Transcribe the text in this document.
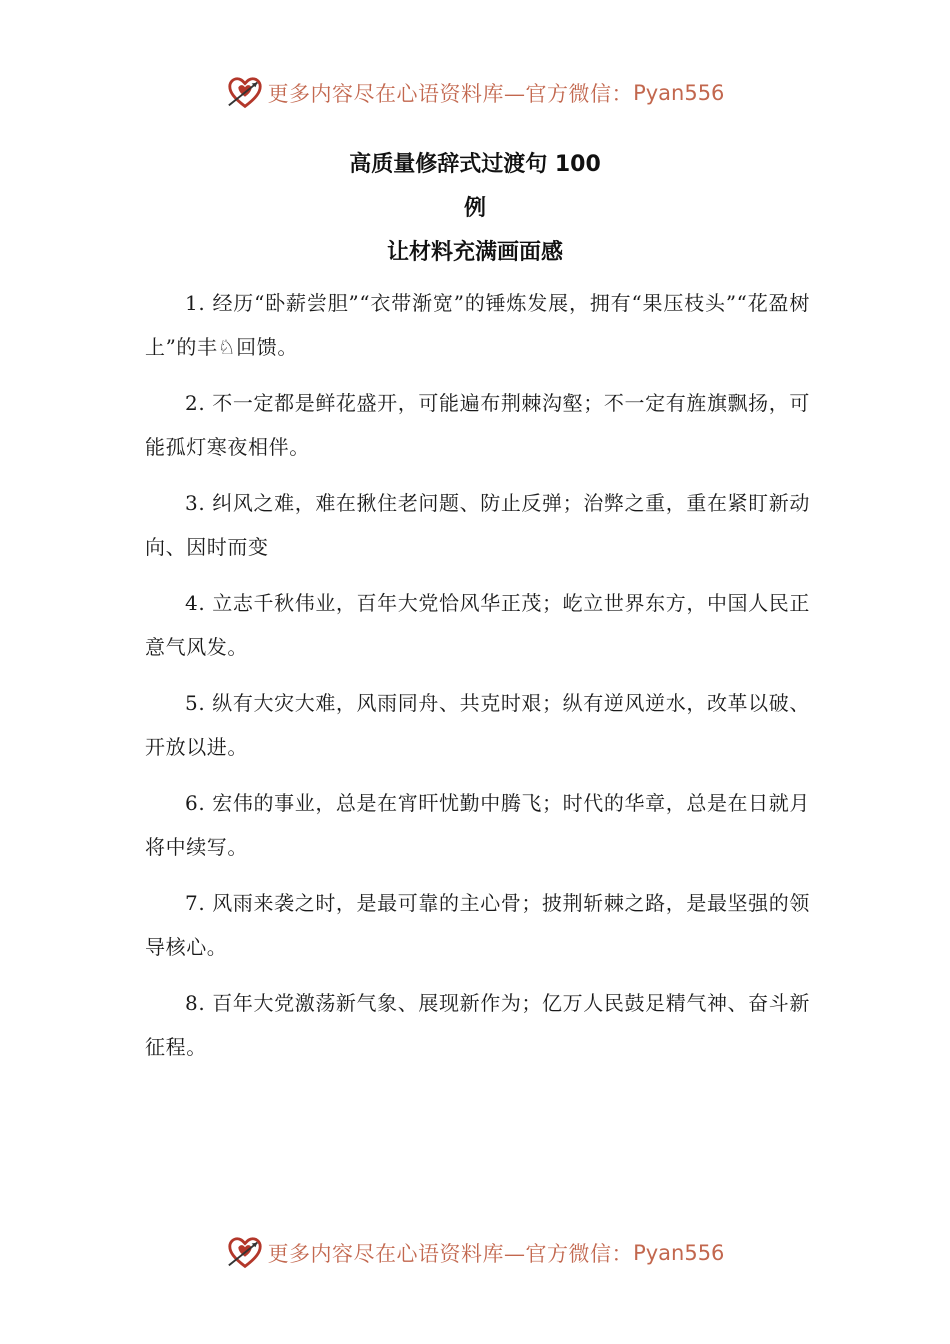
更多内容尽在心语资料库—官方微信： Pyan556
高质量修辞式过渡句 100
例
让材料充满画面感

1. 经历“卧薪尝胆”“衣带渐宽”的锤炼发展，拥有“果压枝头”“花盈树上”的丰♘回馈。

2. 不一定都是鲜花盛开，可能遍布荆棘沟壑；不一定有旌旗飘扬，可能孤灯寒夜相伴。

3. 纠风之难，难在揪住老问题、防止反弹；治弊之重，重在紧盯新动向、因时而变

4. 立志千秋伟业，百年大党恰风华正茂；屹立世界东方，中国人民正意气风发。

5. 纵有大灾大难，风雨同舟、共克时艰；纵有逆风逆水，改革以破、开放以进。

6. 宏伟的事业，总是在宵旰忧勤中腾飞；时代的华章，总是在日就月将中续写。

7. 风雨来袭之时，是最可靠的主心骨；披荆斩棘之路，是最坚强的领导核心。

8. 百年大党激荡新气象、展现新作为；亿万人民鼓足精气神、奋斗新征程。

更多内容尽在心语资料库—官方微信： Pyan556
